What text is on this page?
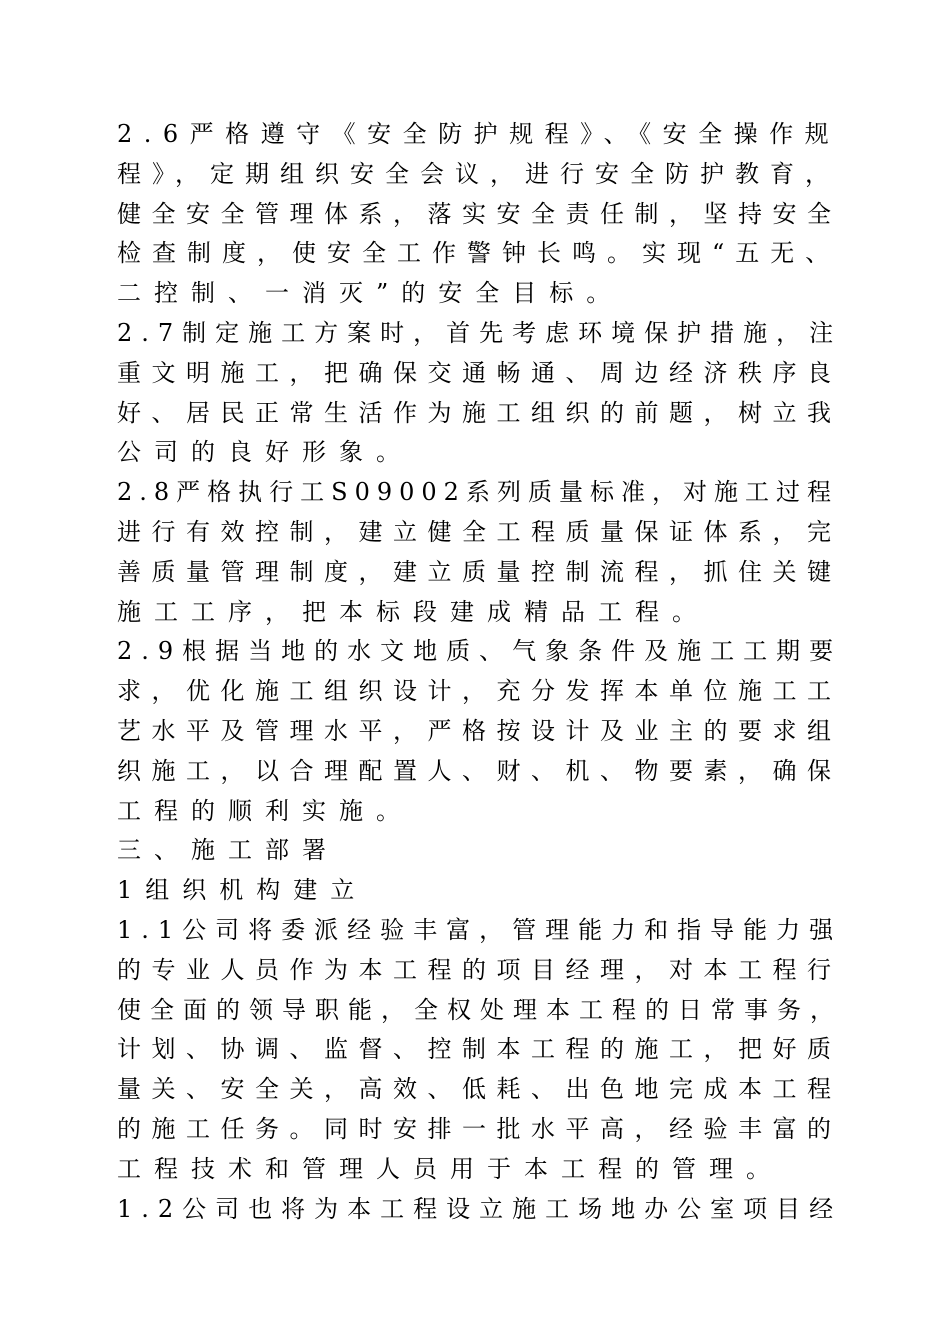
2.6严格遵守《安全防护规程》、《安全操作规
程》，定期组织安全会议，进行安全防护教育，
健全安全管理体系，落实安全责任制，坚持安全
检查制度，使安全工作警钟长鸣。实现“五无、
二控制、一消灭”的安全目标。
2.7制定施工方案时，首先考虑环境保护措施，注
重文明施工，把确保交通畅通、周边经济秩序良
好、居民正常生活作为施工组织的前题，树立我
公司的良好形象。
2.8严格执行工S09002系列质量标准，对施工过程
进行有效控制，建立健全工程质量保证体系，完
善质量管理制度，建立质量控制流程，抓住关键
施工工序，把本标段建成精品工程。
2.9根据当地的水文地质、气象条件及施工工期要
求，优化施工组织设计，充分发挥本单位施工工
艺水平及管理水平，严格按设计及业主的要求组
织施工，以合理配置人、财、机、物要素，确保
工程的顺利实施。
三、施工部署
1组织机构建立
1.1公司将委派经验丰富，管理能力和指导能力强
的专业人员作为本工程的项目经理，对本工程行
使全面的领导职能，全权处理本工程的日常事务，
计划、协调、监督、控制本工程的施工，把好质
量关、安全关，高效、低耗、出色地完成本工程
的施工任务。同时安排一批水平高，经验丰富的
工程技术和管理人员用于本工程的管理。
1.2公司也将为本工程设立施工场地办公室项目经
